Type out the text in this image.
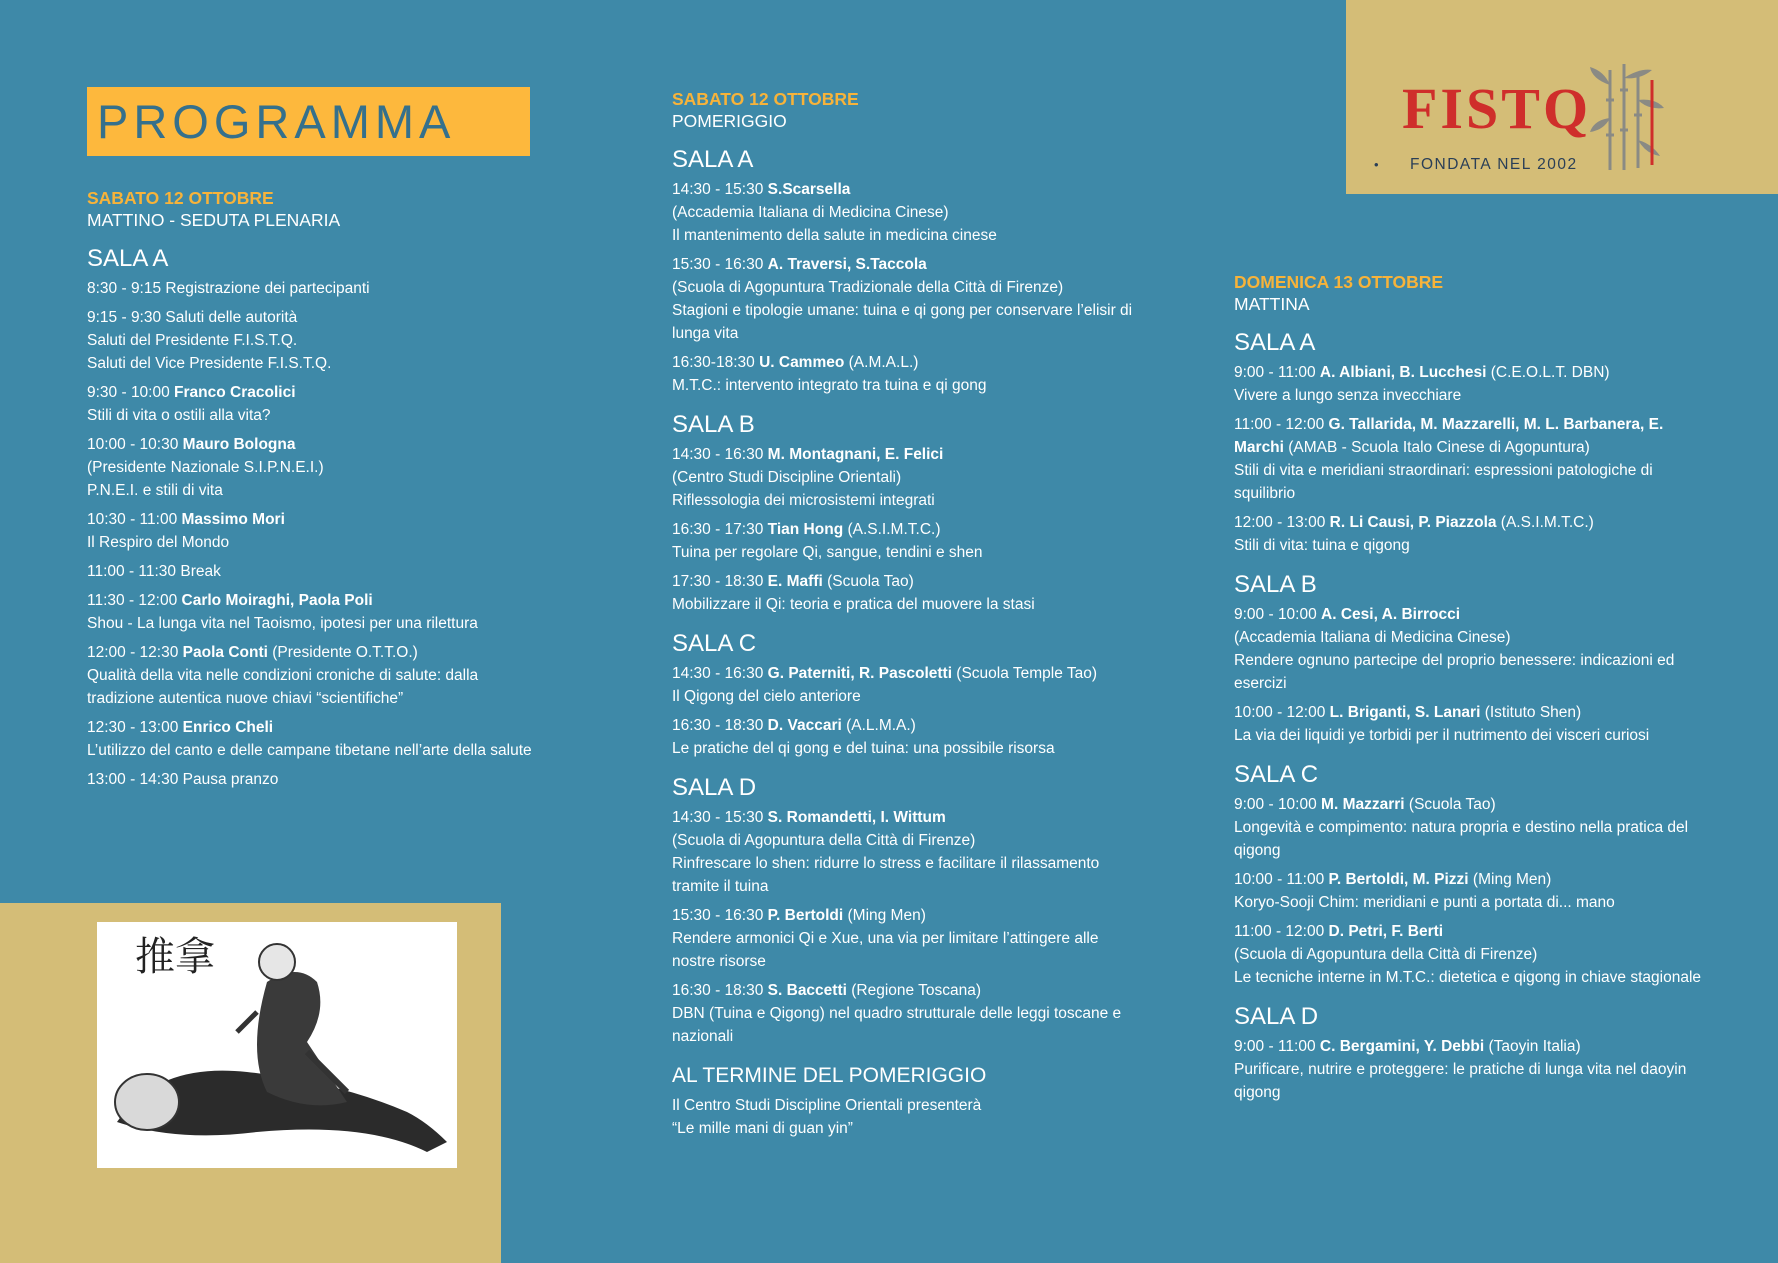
PROGRAMMA	FISTQ
• FONDATA NEL 2002
推拿

SABATO 12 OTTOBRE

MATTINO - SEDUTA PLENARIA

SALA A
8:30 - 9:15 Registrazione dei partecipanti
9:15 - 9:30 Saluti delle autorità
Saluti del Presidente F.I.S.T.Q.
Saluti del Vice Presidente F.I.S.T.Q.
9:30 - 10:00 Franco Cracolici
Stili di vita o ostili alla vita?
10:00 - 10:30 Mauro Bologna
(Presidente Nazionale S.I.P.N.E.I.)
P.N.E.I. e stili di vita
10:30 - 11:00 Massimo Mori
Il Respiro del Mondo
11:00 - 11:30 Break
11:30 - 12:00 Carlo Moiraghi, Paola Poli
Shou - La lunga vita nel Taoismo, ipotesi per una rilettura
12:00 - 12:30 Paola Conti (Presidente O.T.T.O.)
Qualità della vita nelle condizioni croniche di salute: dalla tradizione autentica nuove chiavi “scientifiche”
12:30 - 13:00 Enrico Cheli
L’utilizzo del canto e delle campane tibetane nell’arte della salute
13:00 - 14:30 Pausa pranzo

SABATO 12 OTTOBRE

POMERIGGIO

SALA A
14:30 - 15:30 S.Scarsella
(Accademia Italiana di Medicina Cinese)
Il mantenimento della salute in medicina cinese
15:30 - 16:30 A. Traversi, S.Taccola
(Scuola di Agopuntura Tradizionale della Città di Firenze)
Stagioni e tipologie umane: tuina e qi gong per conservare l’elisir di lunga vita
16:30-18:30 U. Cammeo (A.M.A.L.)
M.T.C.: intervento integrato tra tuina e qi gong
SALA B
14:30 - 16:30 M. Montagnani, E. Felici
(Centro Studi Discipline Orientali)
Riflessologia dei microsistemi integrati
16:30 - 17:30 Tian Hong (A.S.I.M.T.C.)
Tuina per regolare Qi, sangue, tendini e shen
17:30 - 18:30 E. Maffi (Scuola Tao)
Mobilizzare il Qi: teoria e pratica del muovere la stasi
SALA C
14:30 - 16:30 G. Paterniti, R. Pascoletti (Scuola Temple Tao)
Il Qigong del cielo anteriore
16:30 - 18:30 D. Vaccari (A.L.M.A.)
Le pratiche del qi gong e del tuina: una possibile risorsa
SALA D
14:30 - 15:30 S. Romandetti, I. Wittum
(Scuola di Agopuntura della Città di Firenze)
Rinfrescare lo shen: ridurre lo stress e facilitare il rilassamento tramite il tuina
15:30 - 16:30 P. Bertoldi (Ming Men)
Rendere armonici Qi e Xue, una via per limitare l’attingere alle nostre risorse
16:30 - 18:30 S. Baccetti (Regione Toscana)
DBN (Tuina e Qigong) nel quadro strutturale delle leggi toscane e nazionali
AL TERMINE DEL POMERIGGIO
Il Centro Studi Discipline Orientali presenterà
“Le mille mani di guan yin”

DOMENICA 13 OTTOBRE

MATTINA

SALA A
9:00 - 11:00 A. Albiani, B. Lucchesi (C.E.O.L.T. DBN)
Vivere a lungo senza invecchiare
11:00 - 12:00 G. Tallarida, M. Mazzarelli, M. L. Barbanera, E. Marchi (AMAB - Scuola Italo Cinese di Agopuntura)
Stili di vita e meridiani straordinari: espressioni patologiche di squilibrio
12:00 - 13:00 R. Li Causi, P. Piazzola (A.S.I.M.T.C.)
Stili di vita: tuina e qigong
SALA B
9:00 - 10:00 A. Cesi, A. Birrocci
(Accademia Italiana di Medicina Cinese)
Rendere ognuno partecipe del proprio benessere: indicazioni ed esercizi
10:00 - 12:00 L. Briganti, S. Lanari (Istituto Shen)
La via dei liquidi ye torbidi per il nutrimento dei visceri curiosi
SALA C
9:00 - 10:00 M. Mazzarri (Scuola Tao)
Longevità e compimento: natura propria e destino nella pratica del qigong
10:00 - 11:00 P. Bertoldi, M. Pizzi (Ming Men)
Koryo-Sooji Chim: meridiani e punti a portata di... mano
11:00 - 12:00 D. Petri, F. Berti
(Scuola di Agopuntura della Città di Firenze)
Le tecniche interne in M.T.C.: dietetica e qigong in chiave stagionale
SALA D
9:00 - 11:00 C. Bergamini, Y. Debbi (Taoyin Italia)
Purificare, nutrire e proteggere: le pratiche di lunga vita nel daoyin qigong
